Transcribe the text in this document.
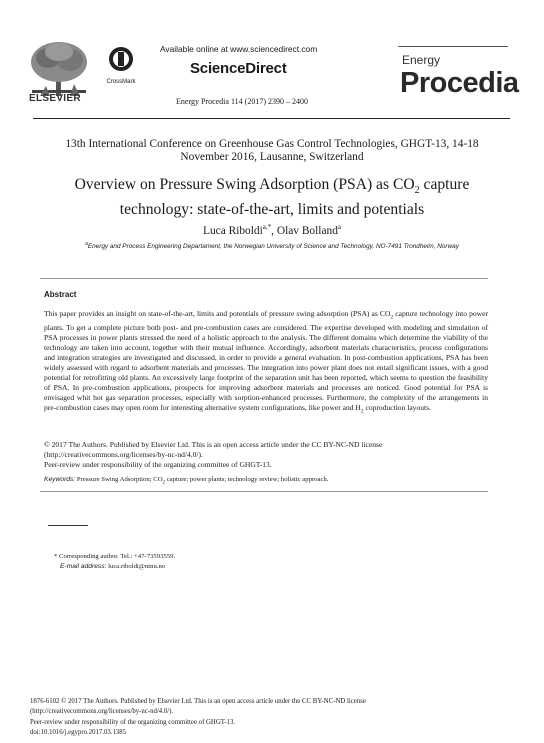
ELSEVIER
CrossMark
Available online at www.sciencedirect.com
ScienceDirect
Energy Procedia 114 (2017) 2390 – 2400
Energy
Procedia
13th International Conference on Greenhouse Gas Control Technologies, GHGT-13, 14-18 November 2016, Lausanne, Switzerland
Overview on Pressure Swing Adsorption (PSA) as $CO_2$ capture technology: state-of-the-art, limits and potentials
Luca Riboldi$^{a,*}$, Olav Bolland$^a$
$^a$Energy and Process Engineering Departament, the Norwegian University of Science and Technology, NO-7491 Trondheim, Norway
Abstract
This paper provides an insight on state-of-the-art, limits and potentials of pressure swing adsorption (PSA) as $CO_2$ capture technology into power plants. To get a complete picture both post- and pre-combustion cases are considered. The expertise developed with modeling and simulation of PSA processes in power plants stressed the need of a holistic approach to the analysis. The different domains which determine the viability of the technology are taken into account, together with their mutual influence. Accordingly, adsorbent materials characteristics, process configurations and integration strategies are investigated and discussed, in order to provide a general evaluation. In post-combustion applications, PSA has been widely assessed with regard to adsorbent materials and processes. The integration into power plant does not entail significant issues, with a good potential for retrofitting old plants. An excessively large footprint of the separation unit has been reported, which seems to question the feasibility of PSA. In pre-combustion applications, prospects for improving adsorbent materials and processes are noticed. Good potential for PSA is envisaged whit hot gas separation processes, especially with sorption-enhanced processes. Furthermore, the complexity of the arrangements in pre-combustion cases may open room for interesting alternative system configurations, like power and $H_2$ coproduction layouts.
© 2017 The Authors. Published by Elsevier Ltd. This is an open access article under the CC BY-NC-ND license
(http://creativecommons.org/licenses/by-nc-nd/4.0/).
Peer-review under responsibility of the organizing committee of GHGT-13.
Keywords: Pressure Swing Adsorption; $CO_2$ capture; power plants; technology review; holistic approach.
* Corresponding author. Tel.: +47-73593559.
E-mail address: luca.riboldi@ntnu.no
1876-6102 © 2017 The Authors. Published by Elsevier Ltd. This is an open access article under the CC BY-NC-ND license
(http://creativecommons.org/licenses/by-nc-nd/4.0/).
Peer-review under responsibility of the organizing committee of GHGT-13.
doi:10.1016/j.egypro.2017.03.1385
